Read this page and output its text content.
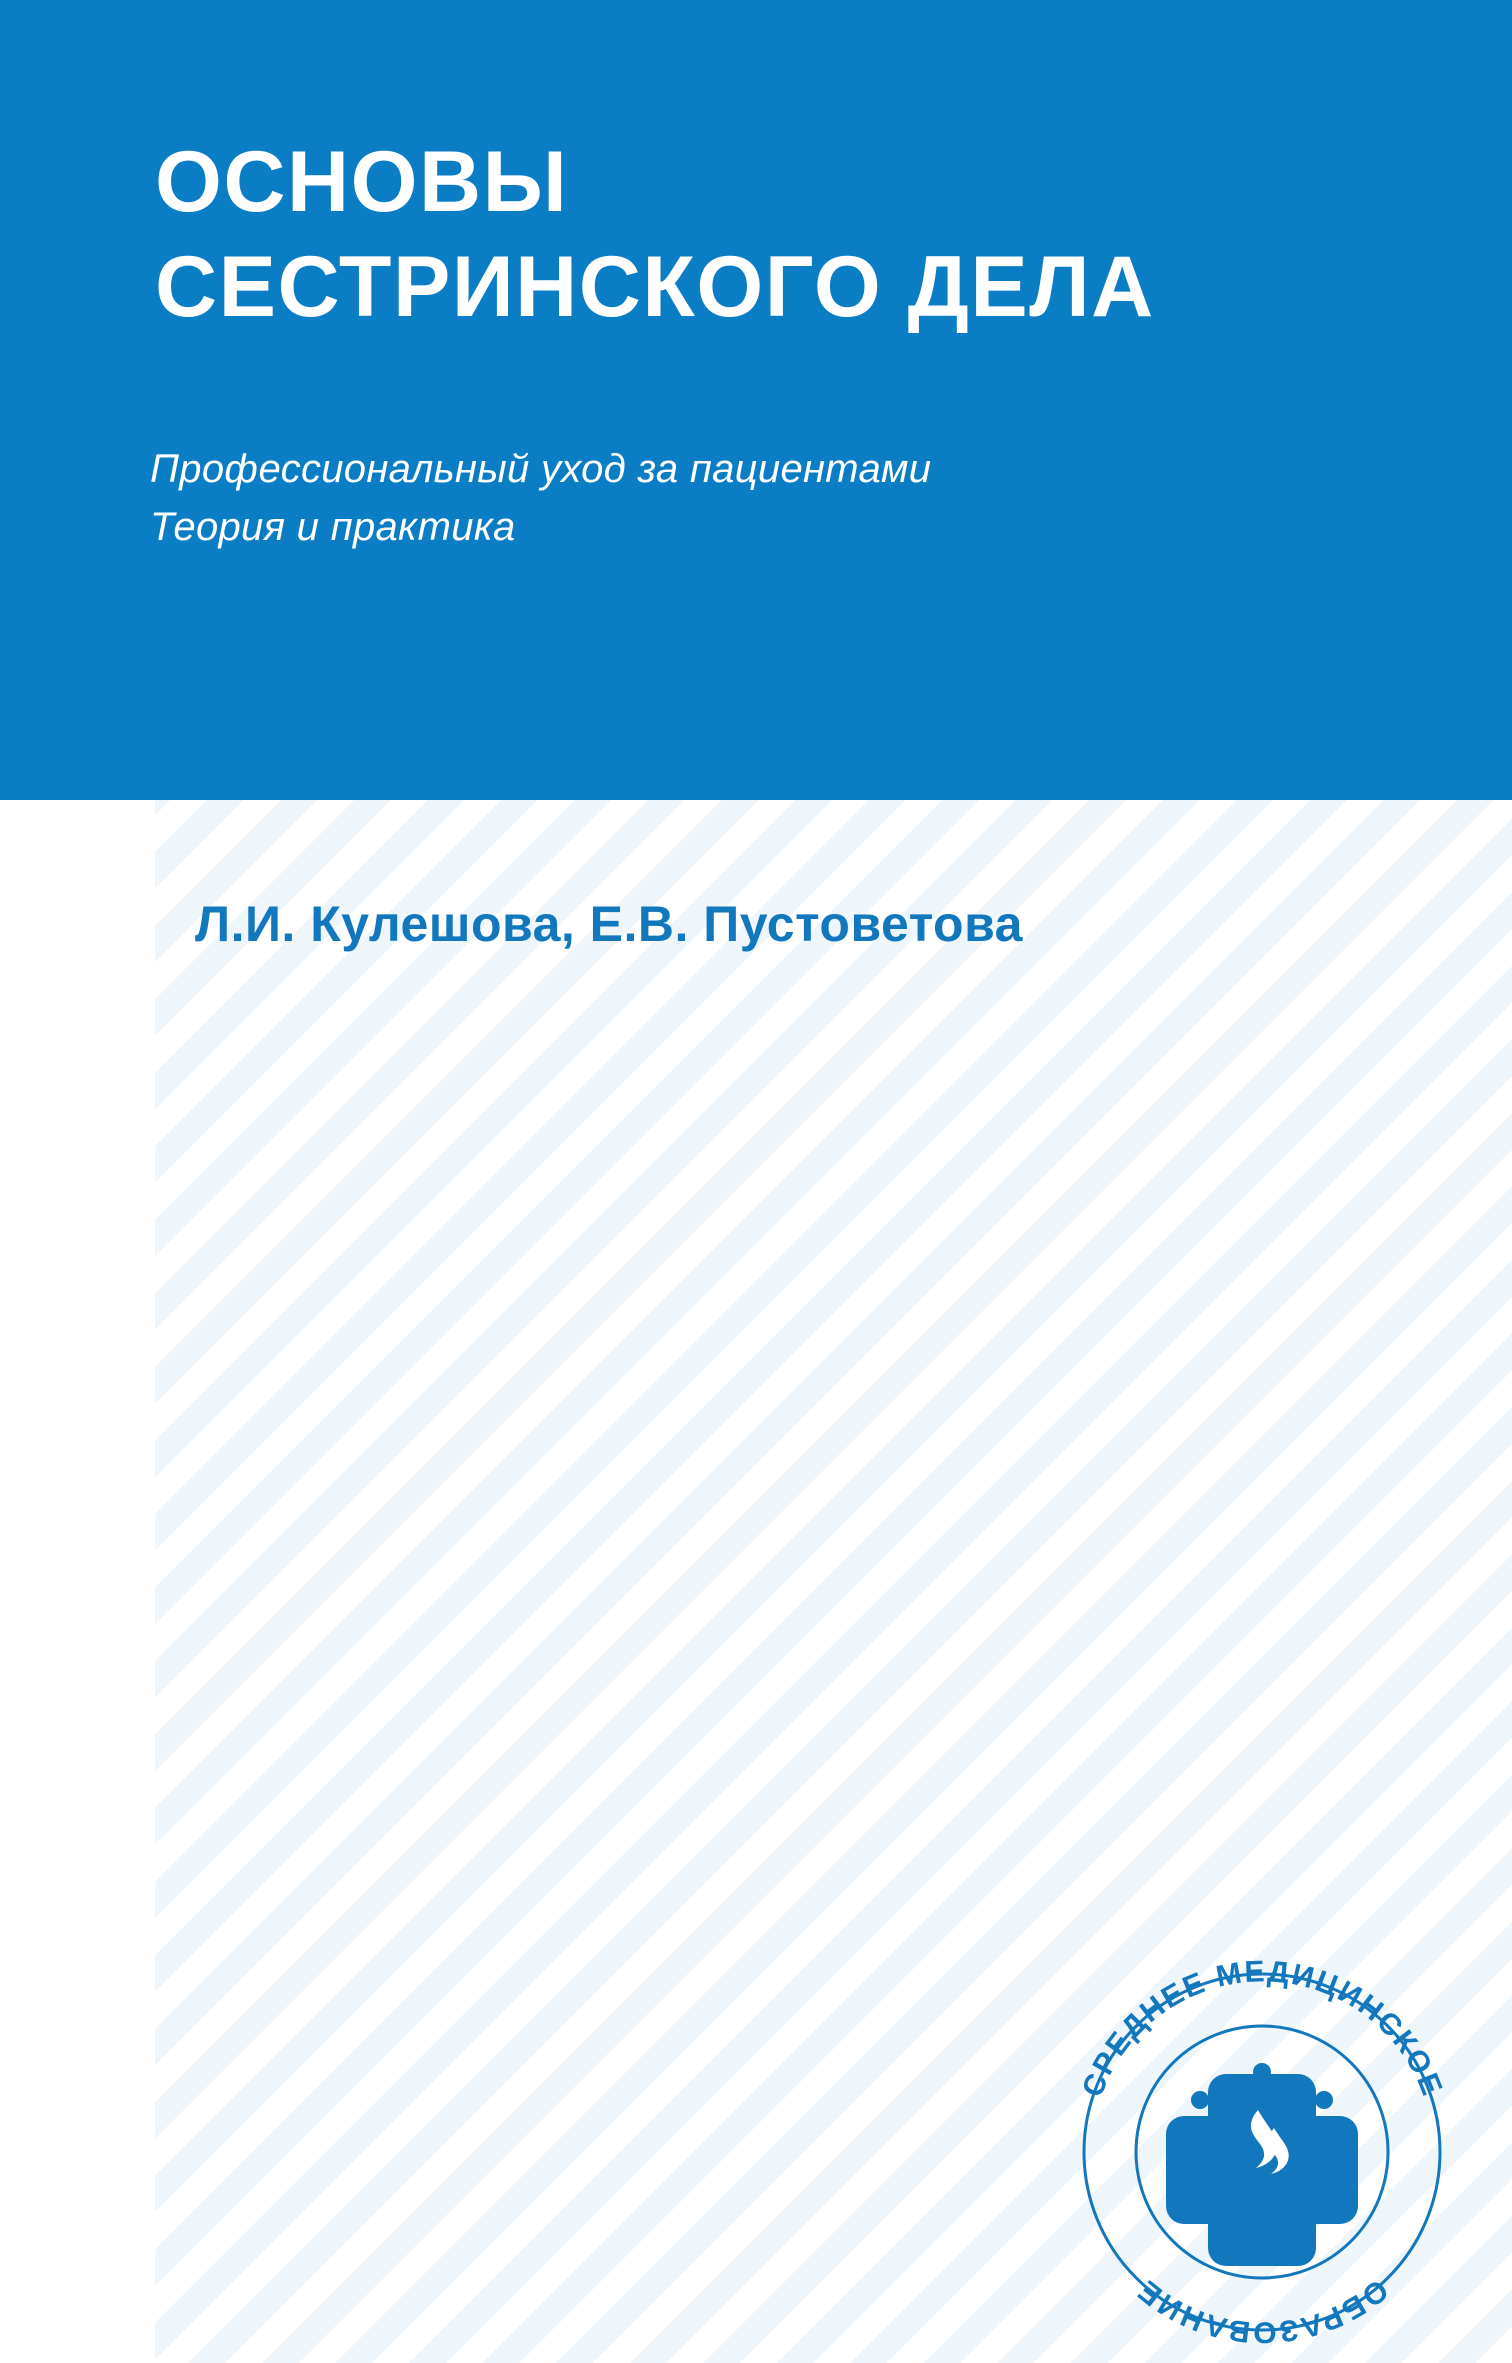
ОСНОВЫ
СЕСТРИНСКОГО ДЕЛА
Профессиональный уход за пациентами
Теория и практика
Л.И. Кулешова, Е.В. Пустоветова
СРЕДНЕЕ МЕДИЦИНСКОЕ
ОБРАЗОВАНИЕ
